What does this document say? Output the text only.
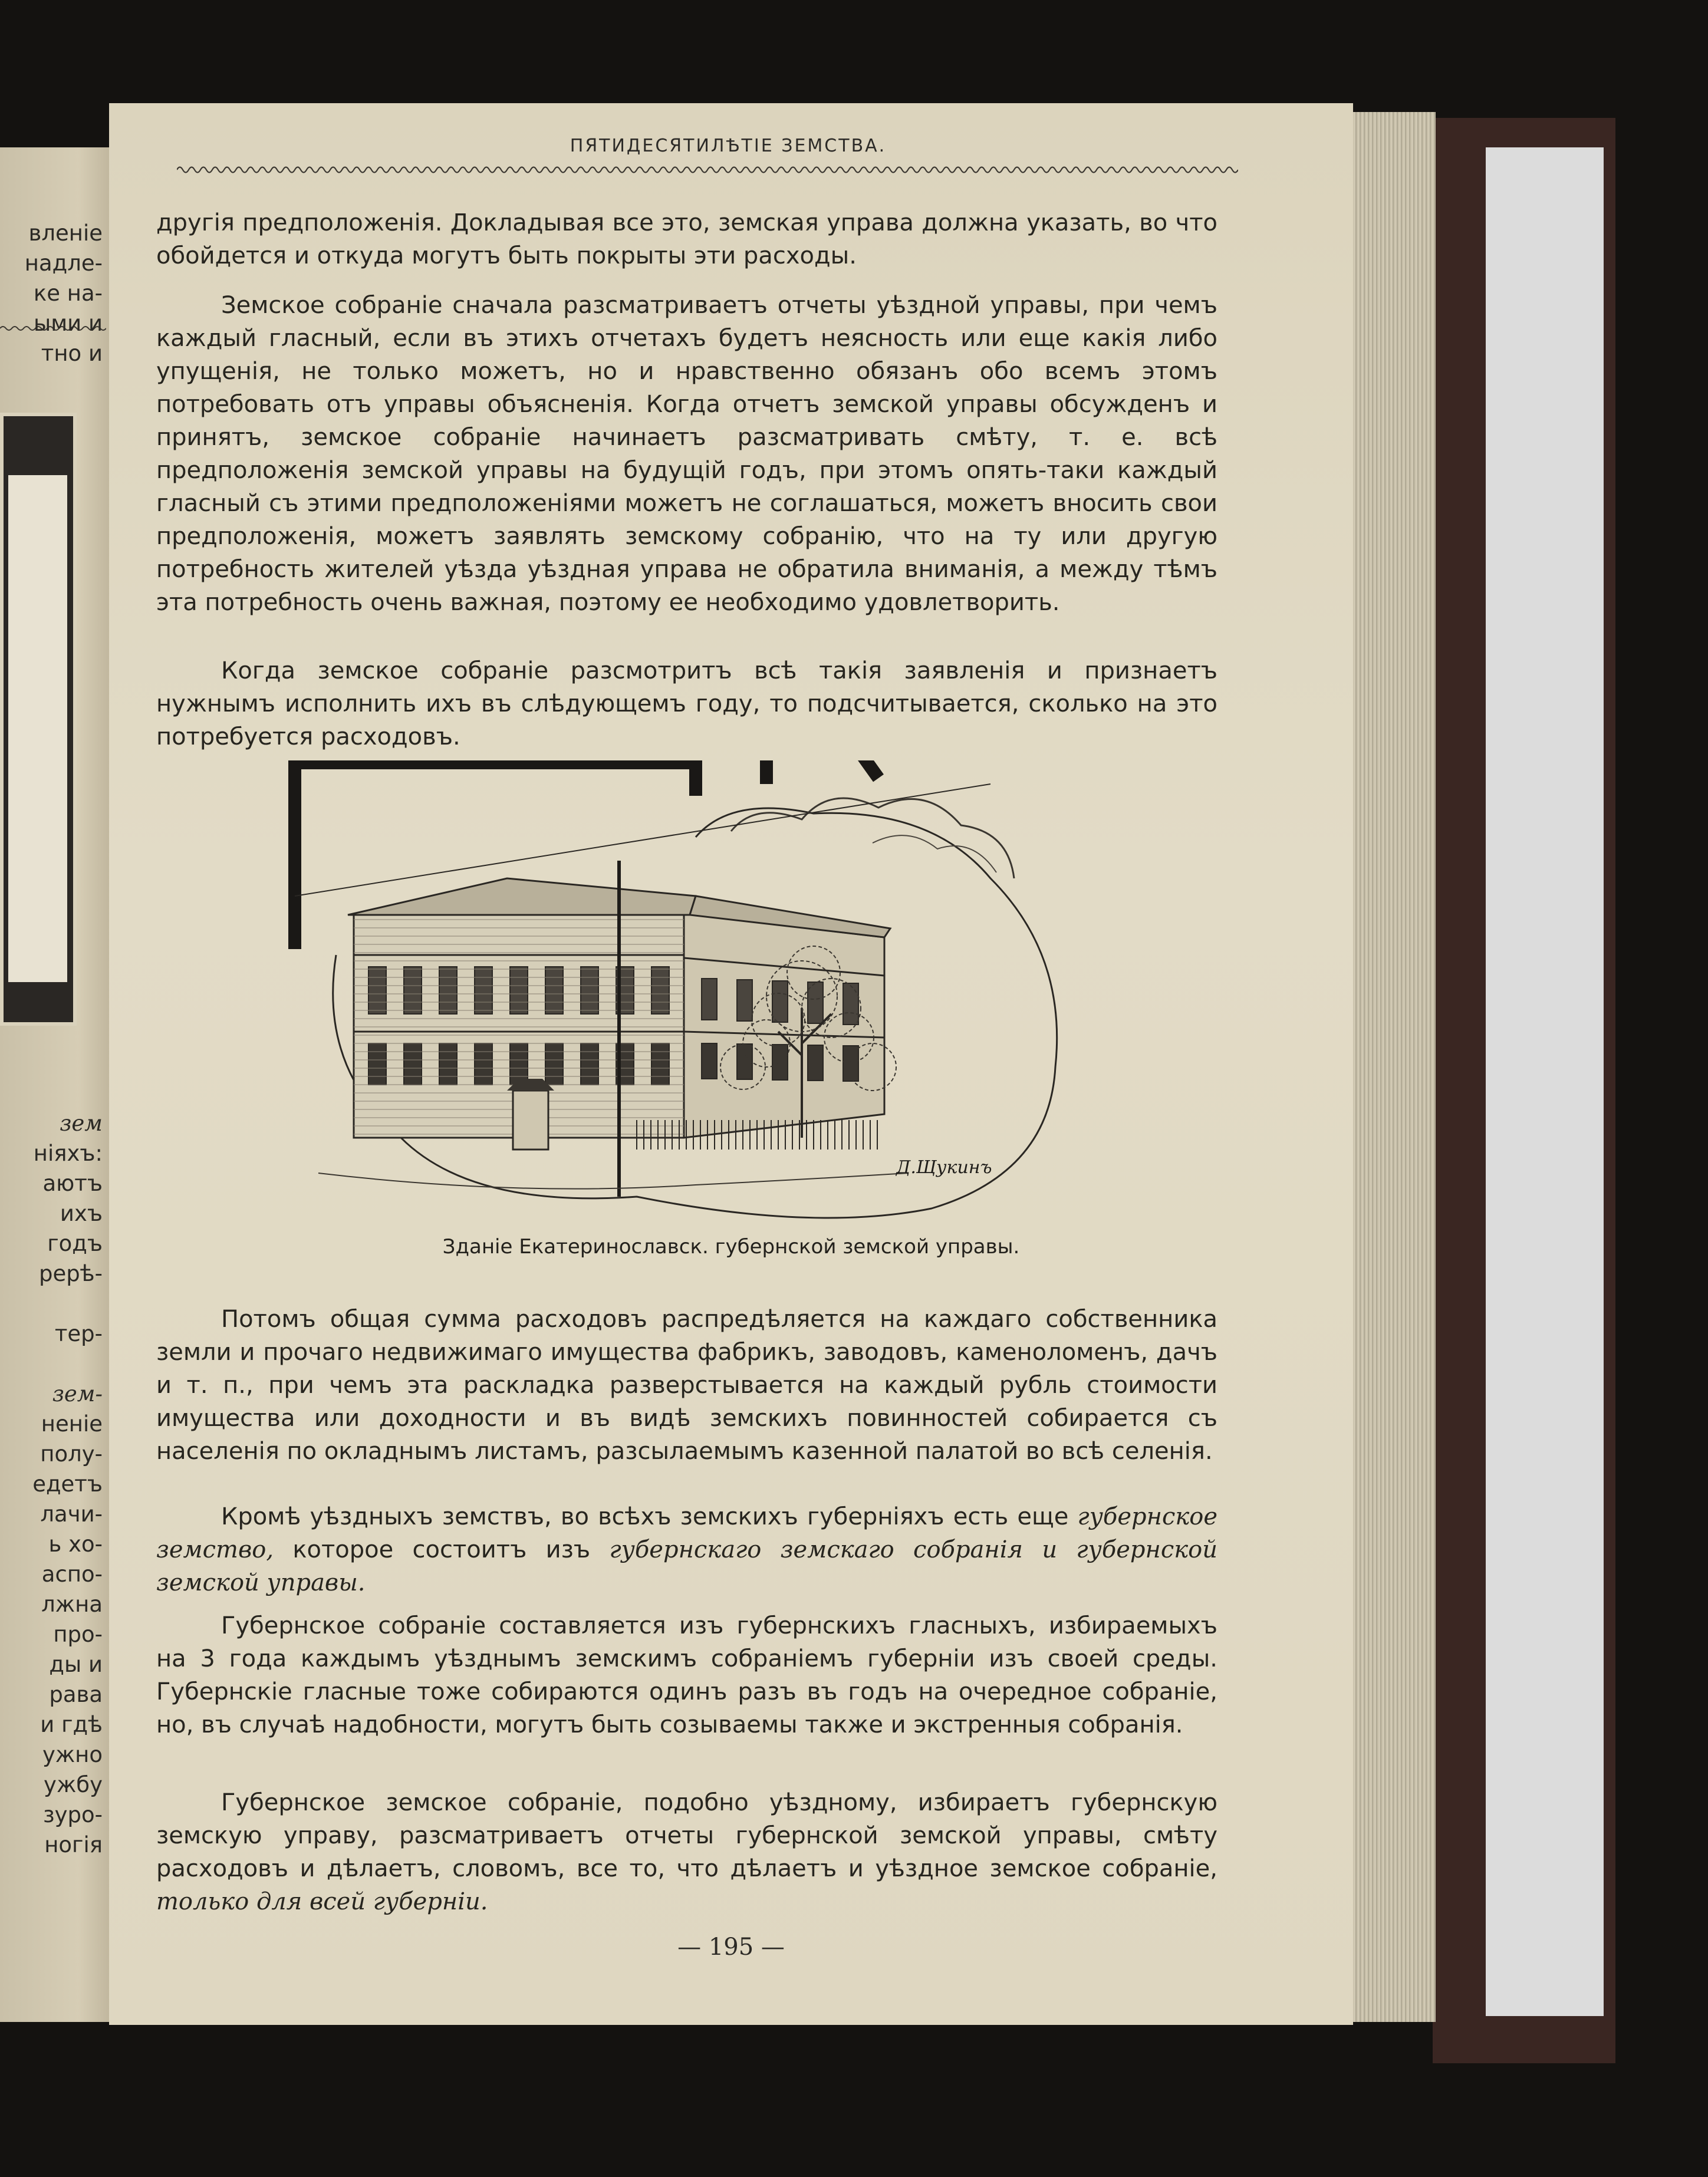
вленіе
надле-
ке на-
ыми и
тно и
зем
ніяхъ:
аютъ
ихъ
годъ
рерѣ-

тер-

зем-
неніе
полу-
едетъ
лачи-
ь хо-
аспо-
лжна
про-
ды и
рава
и гдѣ
ужно
ужбу
зуро-
ногія
ПЯТИДЕСЯТИЛѢТІЕ ЗЕМСТВА.

другія предположенія. Докладывая все это, земская управа должна указать, во что обойдется и откуда могутъ быть покрыты эти расходы.

Земское собраніе сначала разсматриваетъ отчеты уѣздной управы, при чемъ каждый гласный, если въ этихъ отчетахъ будетъ неясность или еще какія либо упущенія, не только можетъ, но и нравственно обязанъ обо всемъ этомъ потребовать отъ управы объясненія. Когда отчетъ земской управы обсужденъ и принятъ, земское собраніе начинаетъ разсматривать смѣту, т. е. всѣ предположенія земской управы на будущій годъ, при этомъ опять-таки каждый гласный съ этими предположеніями можетъ не соглашаться, можетъ вносить свои предположенія, можетъ заявлять земскому собранію, что на ту или другую потребность жителей уѣзда уѣздная управа не обратила вниманія, а между тѣмъ эта потребность очень важная, поэтому ее необходимо удовлетворить.

Когда земское собраніе разсмотритъ всѣ такія заявленія и признаетъ нужнымъ исполнить ихъ въ слѣдующемъ году, то подсчитывается, сколько на это потребуется расходовъ.

Д.Щукинъ
Зданіе Екатеринославск. губернской земской управы.

Потомъ общая сумма расходовъ распредѣляется на каждаго собственника земли и прочаго недвижимаго имущества фабрикъ, заводовъ, каменоломенъ, дачъ и т. п., при чемъ эта раскладка разверстывается на каждый рубль стоимости имущества или доходности и въ видѣ земскихъ повинностей собирается съ населенія по окладнымъ листамъ, разсылаемымъ казенной палатой во всѣ селенія.

Кромѣ уѣздныхъ земствъ, во всѣхъ земскихъ губерніяхъ есть еще губернское земство, которое состоитъ изъ губернскаго земскаго собранія и губернской земской управы.

Губернское собраніе составляется изъ губернскихъ гласныхъ, избираемыхъ на 3 года каждымъ уѣзднымъ земскимъ собраніемъ губерніи изъ своей среды. Губернскіе гласные тоже собираются одинъ разъ въ годъ на очередное собраніе, но, въ случаѣ надобности, могутъ быть созываемы также и экстренныя собранія.

Губернское земское собраніе, подобно уѣздному, избираетъ губернскую земскую управу, разсматриваетъ отчеты губернской земской управы, смѣту расходовъ и дѣлаетъ, словомъ, все то, что дѣлаетъ и уѣздное земское собраніе, только для всей губерніи.

— 195 —
